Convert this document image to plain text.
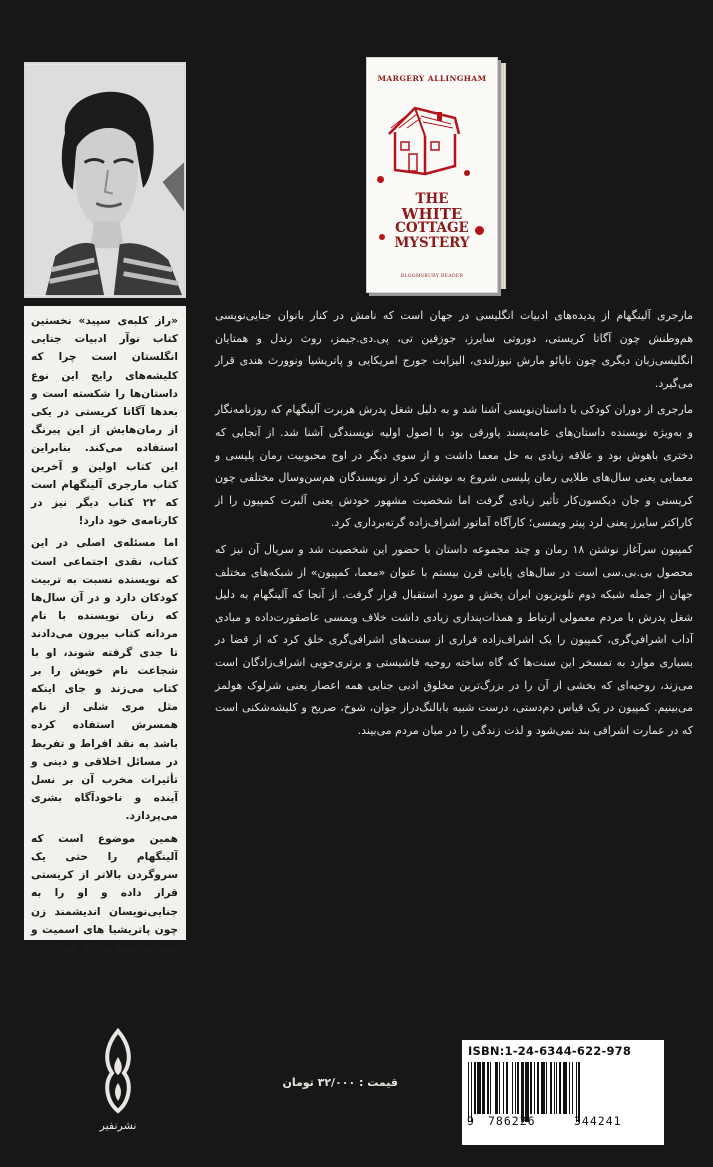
«راز کلبه‌ی سپید» نخستین کتاب نوآر ادبیات جنایی انگلستان است چرا که کلیشه‌های رایج این نوع داستان‌ها را شکسته است و بعدها آگاتا کریستی در یکی از رمان‌هایش از این پیرنگ استفاده می‌کند. بنابراین این کتاب اولین و آخرین کتاب مارجری آلینگهام است که ۲۲ کتاب دیگر نیز در کارنامه‌ی خود دارد!

اما مسئله‌ی اصلی در این کتاب، نقدی اجتماعی است که نویسنده نسبت به تربیت کودکان دارد و در آن سال‌ها که زنان نویسنده با نام مردانه کتاب بیرون می‌دادند تا جدی گرفته شوند، او با شجاعت نام خویش را بر کتاب می‌زند و جای اینکه مثل مری شلی از نام همسرش استفاده کرده باشد به نقد افراط و تفریط در مسائل اخلاقی و دینی و تأثیرات مخرب آن بر نسل آینده و ناخودآگاه بشری می‌پردازد.

همین موضوع است که آلینگهام را حتی یک سروگردن بالاتر از کریستی قرار داده و او را به جنایی‌نویسان اندیشمند زن چون پاتریشیا های اسمیت و پی.دی.جیمز نزدیک می‌کند.

MARGERY ALLINGHAM
THE
WHITE
COTTAGE
MYSTERY
BLOOMSBURY READER

مارجری آلینگهام از پدیده‌های ادبیات انگلیسی در جهان است که نامش در کنار بانوان جنایی‌نویسی هم‌وطنش چون آگاتا کریستی، دوروتی سایرز، جوزفین تی، پی.دی.جیمز، روث رندل و همتایان انگلیسی‌زبان دیگری چون نایائو مارش نیوزلندی، الیزابت جورج امریکایی و پاتریشیا ونوورث هندی قرار می‌گیرد.

مارجری از دوران کودکی با داستان‌نویسی آشنا شد و به دلیل شغل پدرش هربرت آلینگهام که روزنامه‌نگار و به‌ویژه نویسنده داستان‌های عامه‌پسند پاورقی بود با اصول اولیه نویسندگی آشنا شد. از آنجایی که دختری باهوش بود و علاقه زیادی به حل معما داشت و از سوی دیگر در اوج محبوبیت رمان پلیسی و معمایی یعنی سال‌های طلایی رمان پلیسی شروع به نوشتن کرد از نویسندگان هم‌سن‌وسال مختلفی چون کریستی و جان دیکسون‌کار تأثیر زیادی گرفت اما شخصیت مشهور خودش یعنی آلبرت کمپیون را از کاراکتر سایرز یعنی لرد پیتر ویمسی؛ کارآگاه آماتور اشراف‌زاده گرته‌برداری کرد.

کمپیون سرآغاز نوشتن ۱۸ رمان و چند مجموعه داستان با حضور این شخصیت شد و سریال آن نیز که محصول بی.بی.سی است در سال‌های پایانی قرن بیستم با عنوان «معما، کمپیون» از شبکه‌های مختلف جهان از جمله شبکه دوم تلویزیون ایران پخش و مورد استقبال قرار گرفت. از آنجا که آلینگهام به دلیل شغل پدرش با مردم معمولی ارتباط و همذات‌پنداری زیادی داشت خلاف ویمسی عاصقورت‌داده و مبادی آداب اشرافی‌گری، کمپیون را یک اشراف‌زاده فراری از سنت‌های اشرافی‌گری خلق کرد که از قضا در بسیاری موارد به تمسخر این سنت‌ها که گاه ساخته روحیه فاشیستی و برتری‌جویی اشراف‌زادگان است می‌زند، روحیه‌ای که بخشی از آن را در بزرگ‌ترین مخلوق ادبی جنایی همه اعصار یعنی شرلوک هولمز می‌بینیم. کمپیون در یک قیاس دم‌دستی، درست شبیه بابالنگ‌دراز جوان، شوخ، صریح و کلیشه‌شکنی است که در عمارت اشرافی بند نمی‌شود و لذت زندگی را در میان مردم می‌بیند.

نشرنفیر
قیمت : ۳۲/۰۰۰ تومان
ISBN:1-24-6344-622-978
9 786226	344241
